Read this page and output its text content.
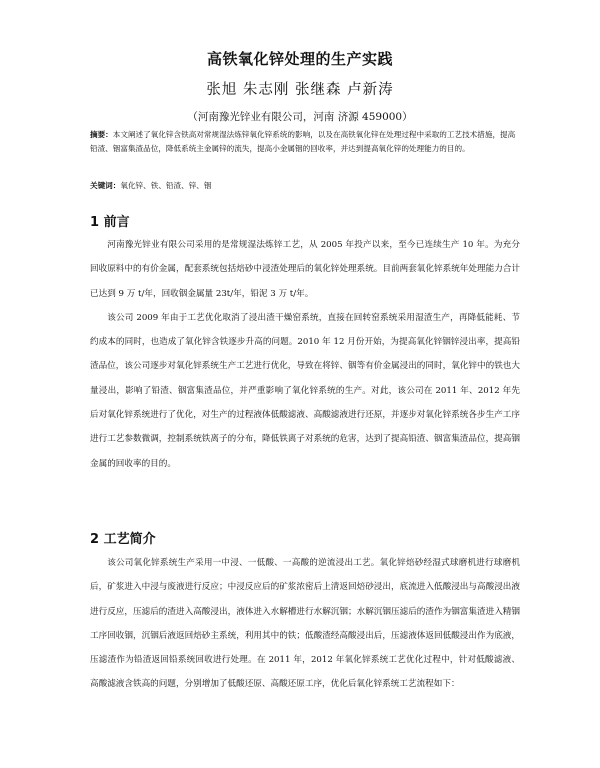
高铁氧化锌处理的生产实践
张旭 朱志刚 张继森 卢新涛
（河南豫光锌业有限公司，河南 济源 459000）
摘要：本文阐述了氧化锌含铁高对常规湿法炼锌氧化锌系统的影响，以及在高铁氧化锌在处理过程中采取的工艺技术措施，提高铅渣、铟富集渣品位，降低系统主金属锌的流失，提高小金属铟的回收率，并达到提高氧化锌的处理能力的目的。
关键词：氧化锌、铁、铅渣、锌、铟
1 前言

河南豫光锌业有限公司采用的是常规湿法炼锌工艺，从 2005 年投产以来，至今已连续生产 10 年。为充分回收原料中的有价金属，配套系统包括焙砂中浸渣处理后的氧化锌处理系统。目前两套氧化锌系统年处理能力合计已达到 9 万 t/年，回收铟金属量 23t/年，铅泥 3 万 t/年。

该公司 2009 年由于工艺优化取消了浸出渣干燥窑系统，直接在回转窑系统采用湿渣生产，再降低能耗、节约成本的同时，也造成了氧化锌含铁逐步升高的问题。2010 年 12 月份开始，为提高氧化锌铟锌浸出率，提高铅渣品位，该公司逐步对氧化锌系统生产工艺进行优化，导致在将锌、铟等有价金属浸出的同时，氧化锌中的铁也大量浸出，影响了铅渣、铟富集渣品位，并严重影响了氧化锌系统的生产。对此，该公司在 2011 年、2012 年先后对氧化锌系统进行了优化，对生产的过程液体低酸滤液、高酸滤液进行还原，并逐步对氧化锌系统各步生产工序进行工艺参数微调，控制系统铁离子的分布，降低铁离子对系统的危害，达到了提高铅渣、铟富集渣品位，提高铟金属的回收率的目的。

2 工艺简介

该公司氧化锌系统生产采用一中浸、一低酸、一高酸的逆流浸出工艺。氧化锌焙砂经湿式球磨机进行球磨机后，矿浆进入中浸与废液进行反应；中浸反应后的矿浆浓密后上清返回焙砂浸出，底流进入低酸浸出与高酸浸出液进行反应，压滤后的渣进入高酸浸出，液体进入水解槽进行水解沉铟；水解沉铟压滤后的渣作为铟富集渣进入精铟工序回收铟，沉铟后液返回焙砂主系统，利用其中的铁；低酸渣经高酸浸出后，压滤液体返回低酸浸出作为底液，压滤渣作为铅渣返回铅系统回收进行处理。在 2011 年，2012 年氧化锌系统工艺优化过程中，针对低酸滤液、高酸滤液含铁高的问题，分别增加了低酸还原、高酸还原工序，优化后氧化锌系统工艺流程如下：
